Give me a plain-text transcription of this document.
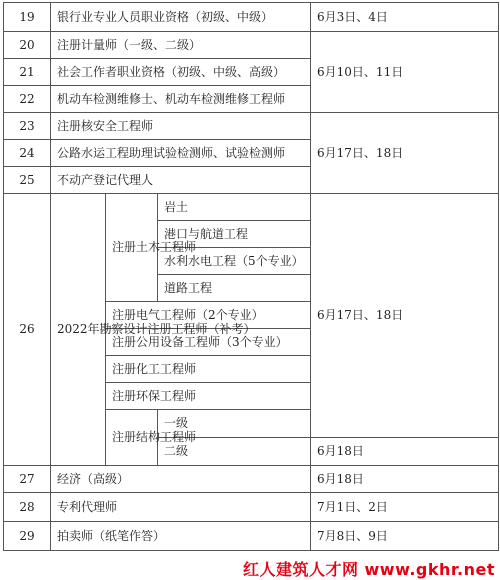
19	银行业专业人员职业资格（初级、中级）			6月3日、4日
20	注册计量师（一级、二级）			6月10日、11日
21	社会工作者职业资格（初级、中级、高级）			
22	机动车检测维修士、机动车检测维修工程师			
23	注册核安全工程师			6月17日、18日
24	公路水运工程助理试验检测师、试验检测师			
25	不动产登记代理人			
26	2022年勘察设计注册工程师（补考）	注册土木工程师	岩土	6月17日、18日
			港口与航道工程	
			水利水电工程（5个专业）	
			道路工程	
		注册电气工程师（2个专业）		
		注册公用设备工程师（3个专业）		
		注册化工工程师		
		注册环保工程师		
		注册结构工程师	一级	
			二级	6月18日
27	经济（高级）			6月18日
28	专利代理师			7月1日、2日
29	拍卖师（纸笔作答）			7月8日、9日
红人建筑人才网 www.gkhr.net
